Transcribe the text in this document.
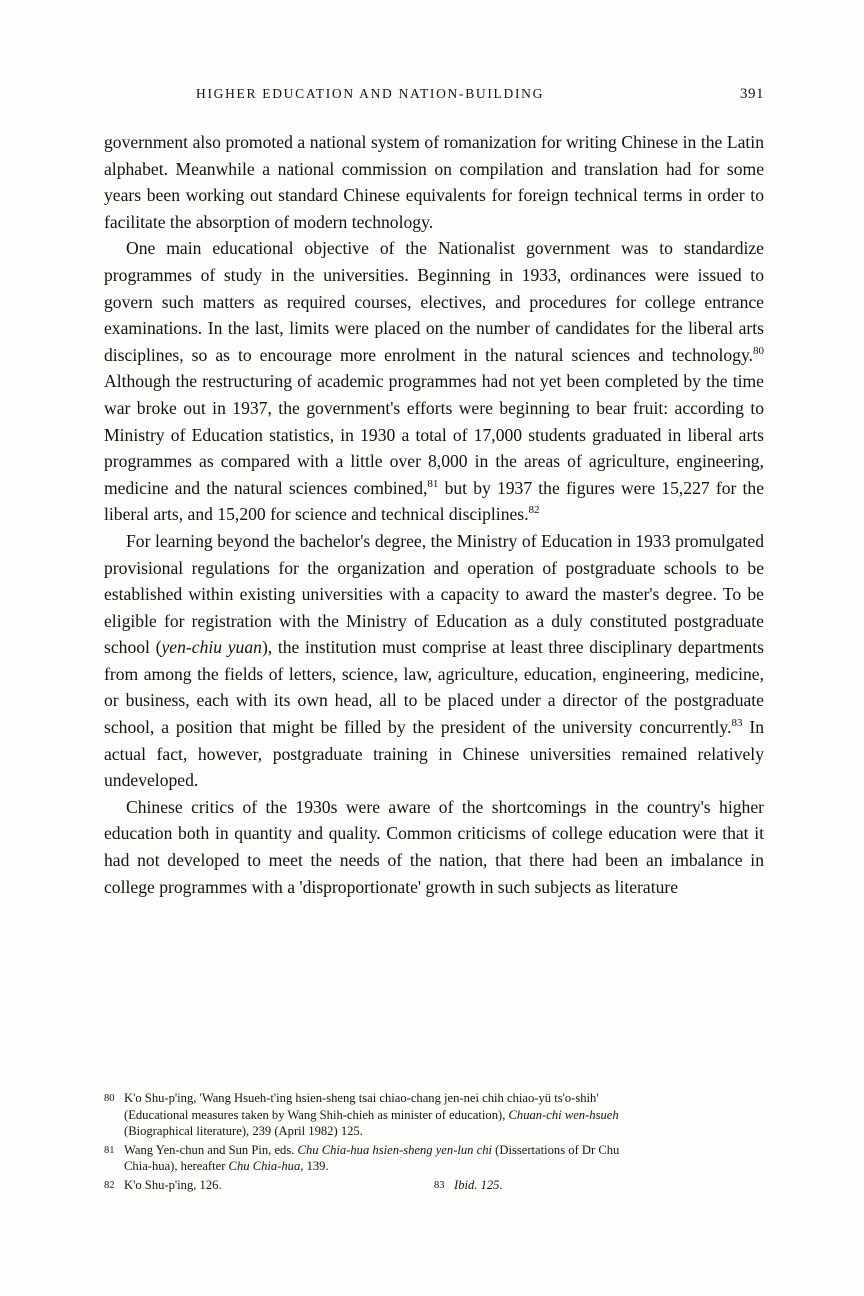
HIGHER EDUCATION AND NATION-BUILDING	391

government also promoted a national system of romanization for writing Chinese in the Latin alphabet. Meanwhile a national commission on compilation and translation had for some years been working out standard Chinese equivalents for foreign technical terms in order to facilitate the absorption of modern technology.

One main educational objective of the Nationalist government was to standardize programmes of study in the universities. Beginning in 1933, ordinances were issued to govern such matters as required courses, electives, and procedures for college entrance examinations. In the last, limits were placed on the number of candidates for the liberal arts disciplines, so as to encourage more enrolment in the natural sciences and technology.$^{80}$ Although the restructuring of academic programmes had not yet been completed by the time war broke out in 1937, the government's efforts were beginning to bear fruit: according to Ministry of Education statistics, in 1930 a total of 17,000 students graduated in liberal arts programmes as compared with a little over 8,000 in the areas of agriculture, engineering, medicine and the natural sciences combined,$^{81}$ but by 1937 the figures were 15,227 for the liberal arts, and 15,200 for science and technical disciplines.$^{82}$

For learning beyond the bachelor's degree, the Ministry of Education in 1933 promulgated provisional regulations for the organization and operation of postgraduate schools to be established within existing universities with a capacity to award the master's degree. To be eligible for registration with the Ministry of Education as a duly constituted postgraduate school (yen-chiu yuan), the institution must comprise at least three disciplinary departments from among the fields of letters, science, law, agriculture, education, engineering, medicine, or business, each with its own head, all to be placed under a director of the postgraduate school, a position that might be filled by the president of the university concurrently.$^{83}$ In actual fact, however, postgraduate training in Chinese universities remained relatively undeveloped.

Chinese critics of the 1930s were aware of the shortcomings in the country's higher education both in quantity and quality. Common criticisms of college education were that it had not developed to meet the needs of the nation, that there had been an imbalance in college programmes with a 'disproportionate' growth in such subjects as literature

80 K'o Shu-p'ing, 'Wang Hsueh-t'ing hsien-sheng tsai chiao-chang jen-nei chih chiao-yü ts'o-shih'
(Educational measures taken by Wang Shih-chieh as minister of education), Chuan-chi wen-hsueh
(Biographical literature), 239 (April 1982) 125.
81 Wang Yen-chun and Sun Pin, eds. Chu Chia-hua hsien-sheng yen-lun chi (Dissertations of Dr Chu
Chia-hua), hereafter Chu Chia-hua, 139.
82 K'o Shu-p'ing, 126.	83 Ibid. 125.
